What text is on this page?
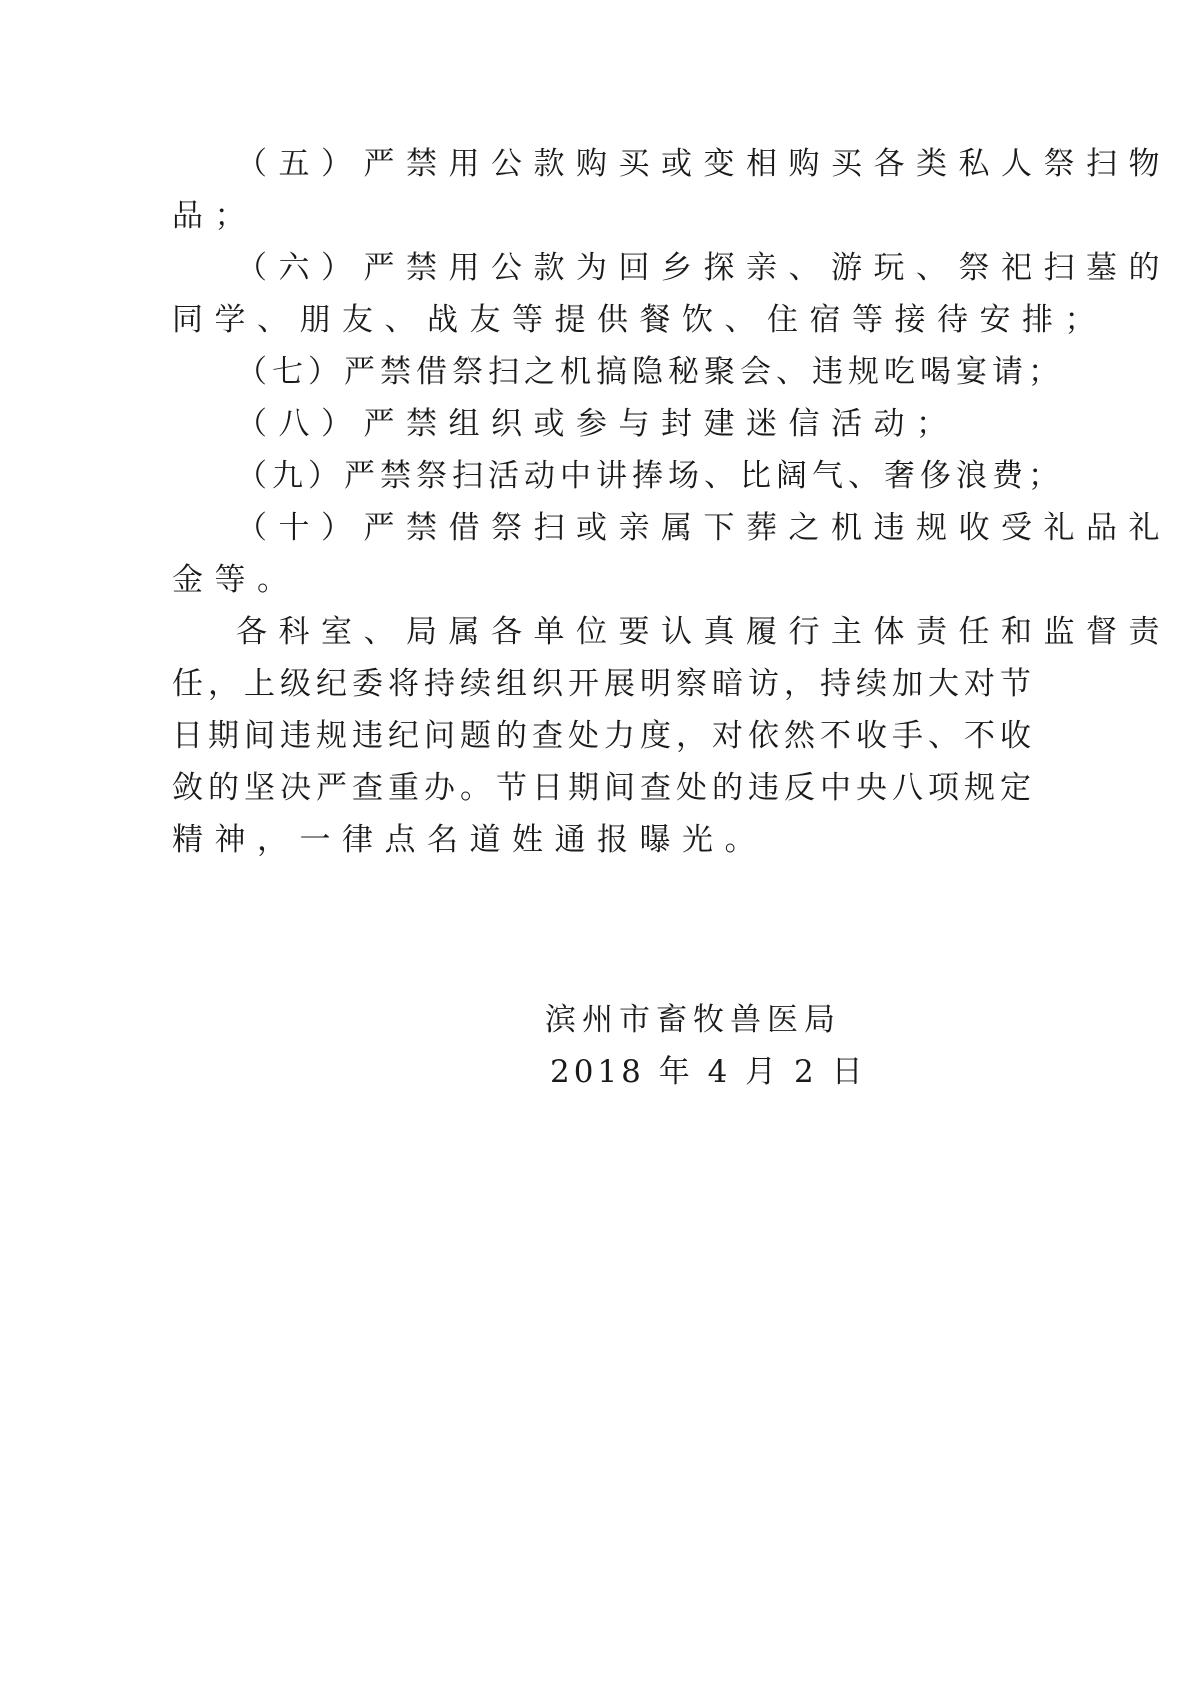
（五）严禁用公款购买或变相购买各类私人祭扫物
品；
（六）严禁用公款为回乡探亲、游玩、祭祀扫墓的
同学、朋友、战友等提供餐饮、住宿等接待安排；
（七）严禁借祭扫之机搞隐秘聚会、违规吃喝宴请；
（八）严禁组织或参与封建迷信活动；
（九）严禁祭扫活动中讲捧场、比阔气、奢侈浪费；
（十）严禁借祭扫或亲属下葬之机违规收受礼品礼
金等。
各科室、局属各单位要认真履行主体责任和监督责
任，上级纪委将持续组织开展明察暗访，持续加大对节
日期间违规违纪问题的查处力度，对依然不收手、不收
敛的坚决严查重办。节日期间查处的违反中央八项规定
精神，一律点名道姓通报曝光。
滨州市畜牧兽医局
2018 年 4 月 2 日
